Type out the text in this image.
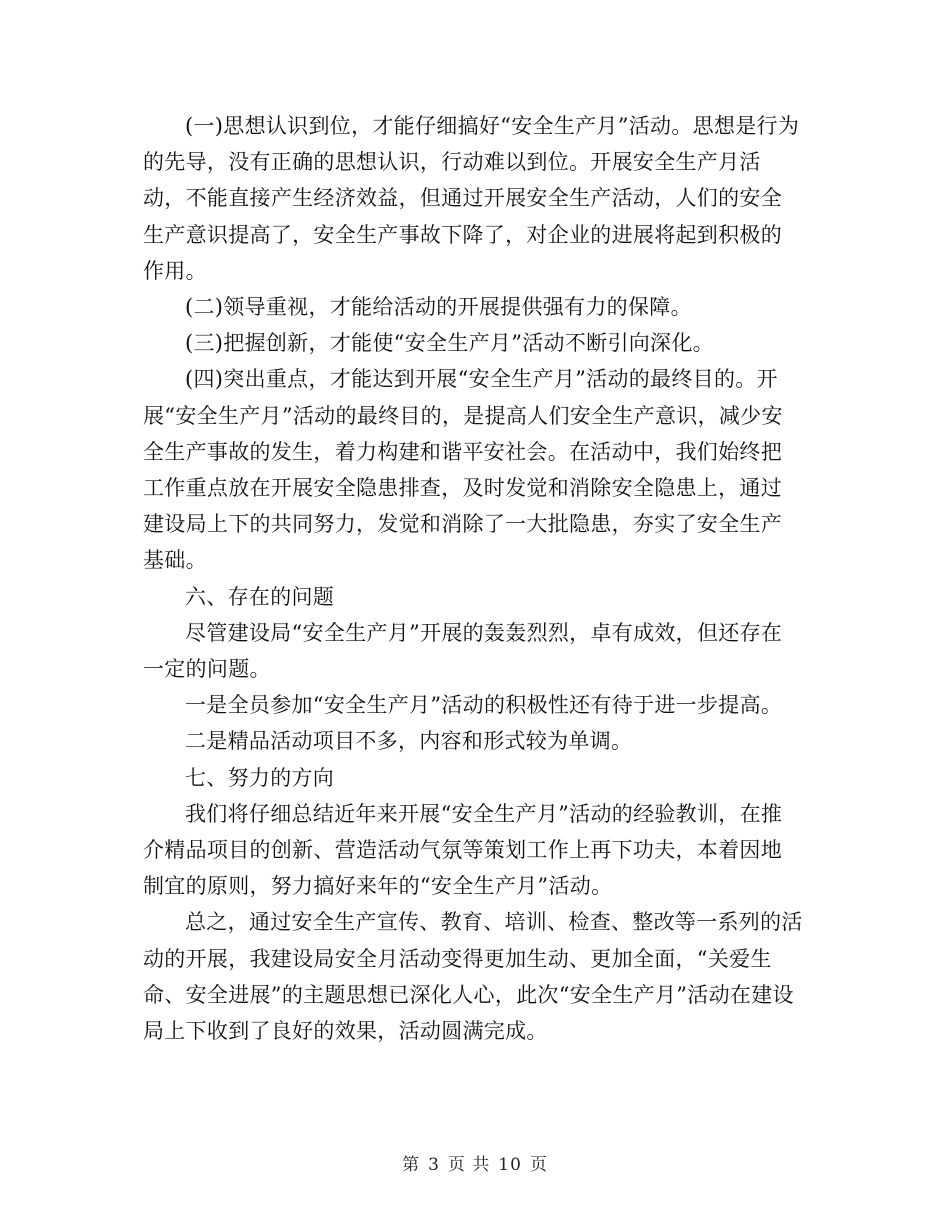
(一)思想认识到位，才能仔细搞好“安全生产月”活动。思想是行为的先导，没有正确的思想认识，行动难以到位。开展安全生产月活动，不能直接产生经济效益，但通过开展安全生产活动，人们的安全生产意识提高了，安全生产事故下降了，对企业的进展将起到积极的作用。

(二)领导重视，才能给活动的开展提供强有力的保障。

(三)把握创新，才能使“安全生产月”活动不断引向深化。

(四)突出重点，才能达到开展“安全生产月”活动的最终目的。开展“安全生产月”活动的最终目的，是提高人们安全生产意识，减少安全生产事故的发生，着力构建和谐平安社会。在活动中，我们始终把工作重点放在开展安全隐患排查，及时发觉和消除安全隐患上，通过建设局上下的共同努力，发觉和消除了一大批隐患，夯实了安全生产基础。

六、存在的问题

尽管建设局“安全生产月”开展的轰轰烈烈，卓有成效，但还存在一定的问题。

一是全员参加“安全生产月”活动的积极性还有待于进一步提高。

二是精品活动项目不多，内容和形式较为单调。

七、努力的方向

我们将仔细总结近年来开展“安全生产月”活动的经验教训，在推介精品项目的创新、营造活动气氛等策划工作上再下功夫，本着因地制宜的原则，努力搞好来年的“安全生产月”活动。

总之，通过安全生产宣传、教育、培训、检查、整改等一系列的活动的开展，我建设局安全月活动变得更加生动、更加全面，“关爱生命、安全进展”的主题思想已深化人心，此次“安全生产月”活动在建设局上下收到了良好的效果，活动圆满完成。

第 3 页 共 10 页
